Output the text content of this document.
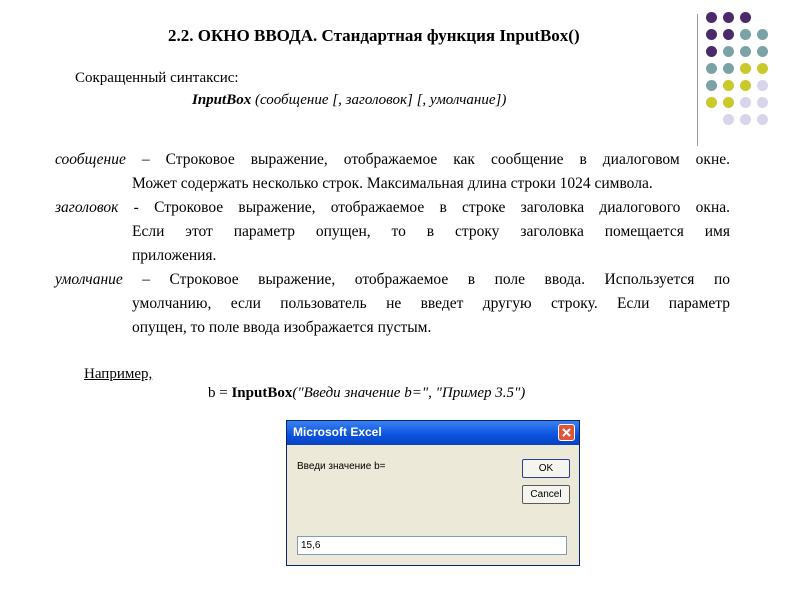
2.2. ОКНО ВВОДА. Стандартная функция InputBox()
Сокращенный синтаксис:
InputBox (сообщение [, заголовок] [, умолчание])
сообщение – Строковое выражение, отображаемое как сообщение в диалоговом окне.
Может содержать несколько строк. Максимальная длина строки 1024 символа.
заголовок - Строковое выражение, отображаемое в строке заголовка диалогового окна.
Если этот параметр опущен, то в строку заголовка помещается имя
приложения.
умолчание – Строковое выражение, отображаемое в поле ввода. Используется по
умолчанию, если пользователь не введет другую строку. Если параметр
опущен, то поле ввода изображается пустым.
Например,
b = InputBox("Введи значение b=", "Пример 3.5")
Microsoft Excel
Введи значение b=	OK
Cancel
15,6
